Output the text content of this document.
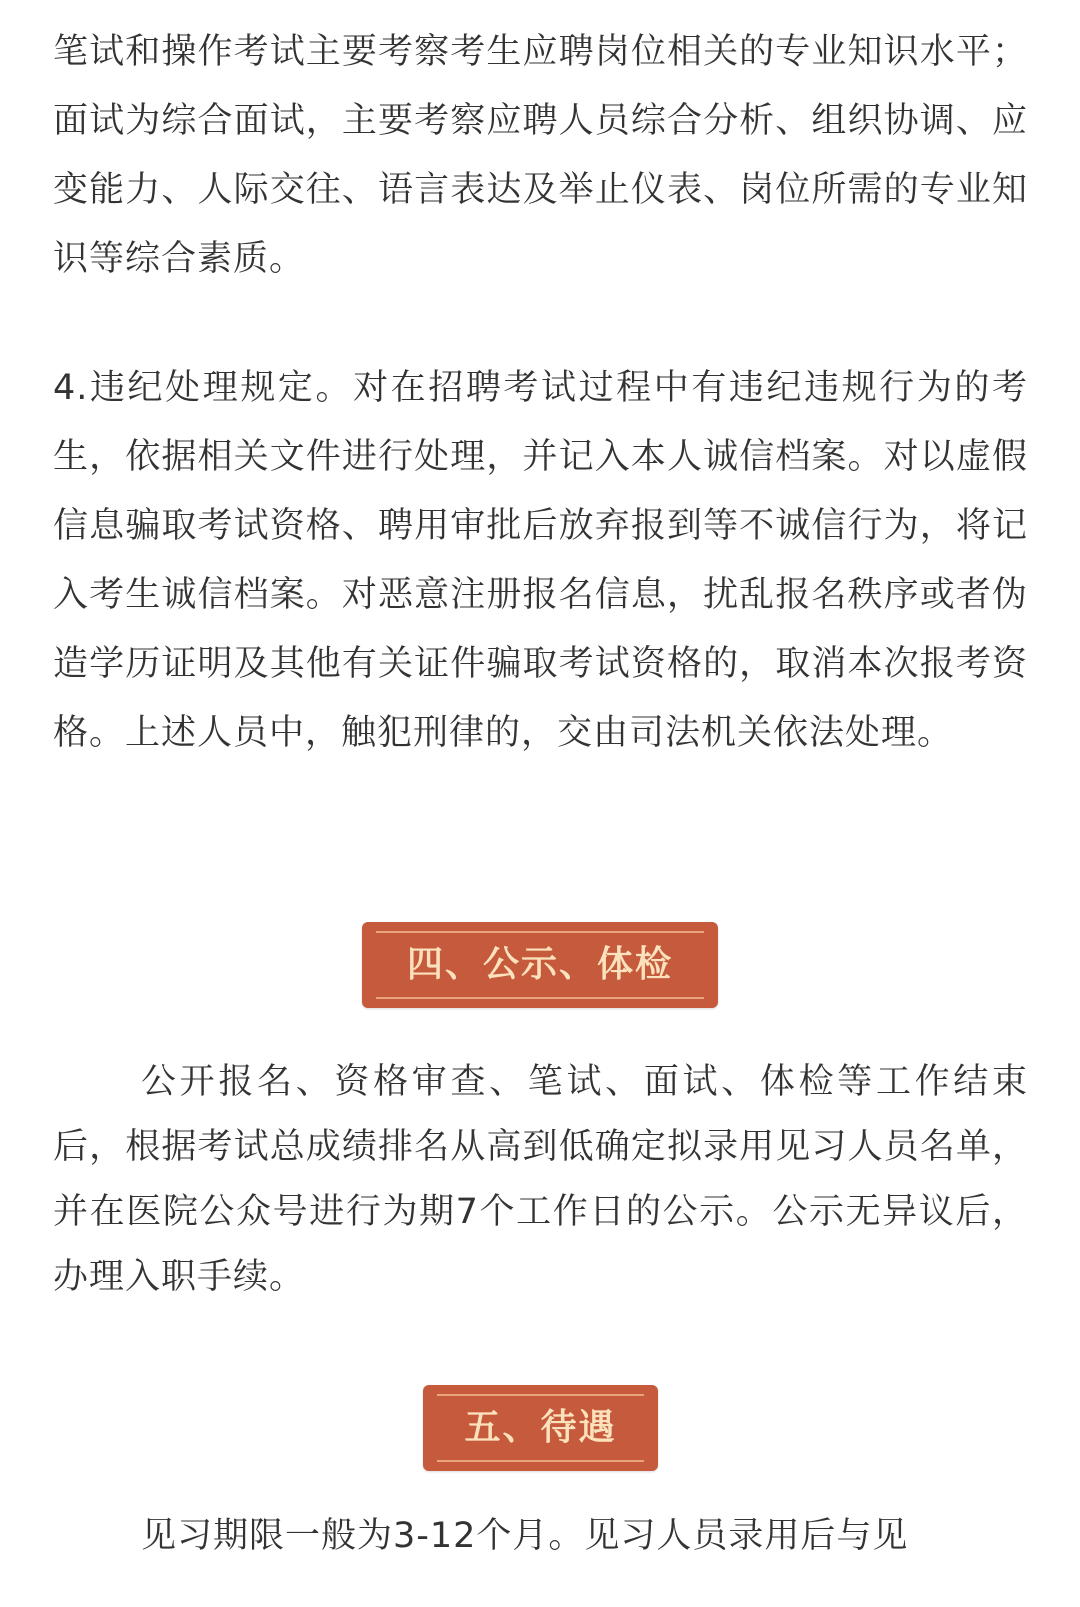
笔试和操作考试主要考察考生应聘岗位相关的专业知识水平；面试为综合面试，主要考察应聘人员综合分析、组织协调、应变能力、人际交往、语言表达及举止仪表、岗位所需的专业知识等综合素质。

4.违纪处理规定。对在招聘考试过程中有违纪违规行为的考生，依据相关文件进行处理，并记入本人诚信档案。对以虚假信息骗取考试资格、聘用审批后放弃报到等不诚信行为，将记入考生诚信档案。对恶意注册报名信息，扰乱报名秩序或者伪造学历证明及其他有关证件骗取考试资格的，取消本次报考资格。上述人员中，触犯刑律的，交由司法机关依法处理。

四、公示、体检

公开报名、资格审查、笔试、面试、体检等工作结束后，根据考试总成绩排名从高到低确定拟录用见习人员名单，并在医院公众号进行为期7个工作日的公示。公示无异议后，办理入职手续。

五、待遇

见习期限一般为3-12个月。见习人员录用后与见
